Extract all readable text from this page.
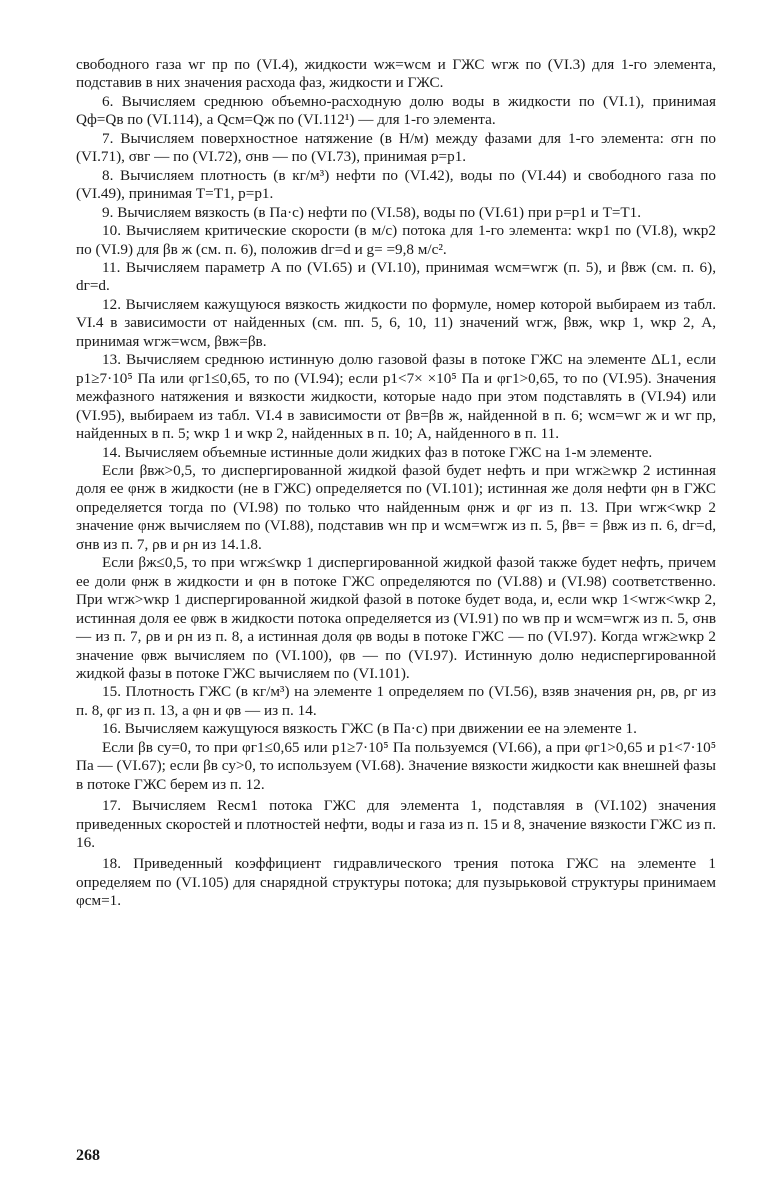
свободного газа wг пр по (VI.4), жидкости wж=wсм и ГЖС wгж по (VI.3) для 1-го элемента, подставив в них значения расхода фаз, жидкости и ГЖС.

6. Вычисляем среднюю объемно-расходную долю воды в жидкости по (VI.1), принимая Qф=Qв по (VI.114), а Qсм=Qж по (VI.112¹) — для 1-го элемента.

7. Вычисляем поверхностное натяжение (в Н/м) между фазами для 1-го элемента: σгн по (VI.71), σвг — по (VI.72), σнв — по (VI.73), принимая p=p1.

8. Вычисляем плотность (в кг/м³) нефти по (VI.42), воды по (VI.44) и свободного газа по (VI.49), принимая T=T1, p=p1.

9. Вычисляем вязкость (в Па·с) нефти по (VI.58), воды по (VI.61) при p=p1 и T=T1.

10. Вычисляем критические скорости (в м/с) потока для 1-го элемента: wкр1 по (VI.8), wкр2 по (VI.9) для βв ж (см. п. 6), положив dг=d и g= =9,8 м/с².

11. Вычисляем параметр A по (VI.65) и (VI.10), принимая wсм=wгж (п. 5), и βвж (см. п. 6), dг=d.

12. Вычисляем кажущуюся вязкость жидкости по формуле, номер которой выбираем из табл. VI.4 в зависимости от найденных (см. пп. 5, 6, 10, 11) значений wгж, βвж, wкр 1, wкр 2, A, принимая wгж=wсм, βвж=βв.

13. Вычисляем среднюю истинную долю газовой фазы в потоке ГЖС на элементе ΔL1, если p1≥7·10⁵ Па или φг1≤0,65, то по (VI.94); если p1<7× ×10⁵ Па и φг1>0,65, то по (VI.95). Значения межфазного натяжения и вязкости жидкости, которые надо при этом подставлять в (VI.94) или (VI.95), выбираем из табл. VI.4 в зависимости от βв=βв ж, найденной в п. 6; wсм=wг ж и wг пр, найденных в п. 5; wкр 1 и wкр 2, найденных в п. 10; A, найденного в п. 11.

14. Вычисляем объемные истинные доли жидких фаз в потоке ГЖС на 1-м элементе.

Если βвж>0,5, то диспергированной жидкой фазой будет нефть и при wгж≥wкр 2 истинная доля ее φнж в жидкости (не в ГЖС) определяется по (VI.101); истинная же доля нефти φн в ГЖС определяется тогда по (VI.98) по только что найденным φнж и φг из п. 13. При wгж<wкр 2 значение φнж вычисляем по (VI.88), подставив wн пр и wсм=wгж из п. 5, βв= = βвж из п. 6, dг=d, σнв из п. 7, ρв и ρн из 14.1.8.

Если βж≤0,5, то при wгж≤wкр 1 диспергированной жидкой фазой также будет нефть, причем ее доли φнж в жидкости и φн в потоке ГЖС определяются по (VI.88) и (VI.98) соответственно. При wгж>wкр 1 диспергированной жидкой фазой в потоке будет вода, и, если wкр 1<wгж<wкр 2, истинная доля ее φвж в жидкости потока определяется из (VI.91) по wв пр и wсм=wгж из п. 5, σнв — из п. 7, ρв и ρн из п. 8, а истинная доля φв воды в потоке ГЖС — по (VI.97). Когда wгж≥wкр 2 значение φвж вычисляем по (VI.100), φв — по (VI.97). Истинную долю недиспергированной жидкой фазы в потоке ГЖС вычисляем по (VI.101).

15. Плотность ГЖС (в кг/м³) на элементе 1 определяем по (VI.56), взяв значения ρн, ρв, ρг из п. 8, φг из п. 13, а φн и φв — из п. 14.

16. Вычисляем кажущуюся вязкость ГЖС (в Па·с) при движении ее на элементе 1.

Если βв су=0, то при φг1≤0,65 или p1≥7·10⁵ Па пользуемся (VI.66), а при φг1>0,65 и p1<7·10⁵ Па — (VI.67); если βв су>0, то используем (VI.68). Значение вязкости жидкости как внешней фазы в потоке ГЖС берем из п. 12.

17. Вычисляем Reсм1 потока ГЖС для элемента 1, подставляя в (VI.102) значения приведенных скоростей и плотностей нефти, воды и газа из п. 15 и 8, значение вязкости ГЖС из п. 16.

18. Приведенный коэффициент гидравлического трения потока ГЖС на элементе 1 определяем по (VI.105) для снарядной структуры потока; для пузырьковой структуры принимаем φсм=1.

268
